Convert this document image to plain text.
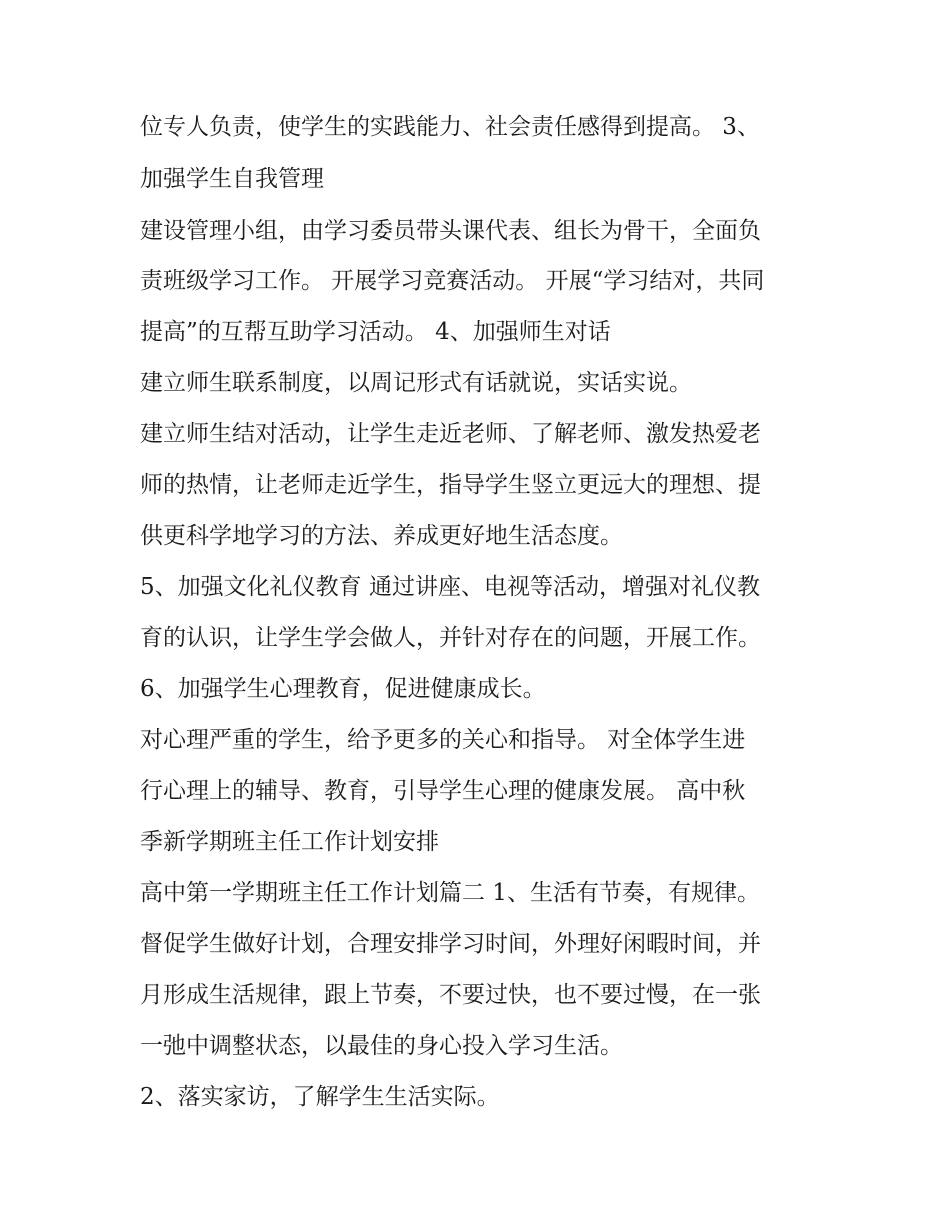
位专人负责，使学生的实践能力、社会责任感得到提高。 3、
加强学生自我管理
建设管理小组，由学习委员带头课代表、组长为骨干，全面负
责班级学习工作。 开展学习竞赛活动。 开展“学习结对，共同
提高”的互帮互助学习活动。 4、加强师生对话
建立师生联系制度，以周记形式有话就说，实话实说。
建立师生结对活动，让学生走近老师、了解老师、激发热爱老
师的热情，让老师走近学生，指导学生竖立更远大的理想、提
供更科学地学习的方法、养成更好地生活态度。
5、加强文化礼仪教育 通过讲座、电视等活动，增强对礼仪教
育的认识，让学生学会做人，并针对存在的问题，开展工作。
6、加强学生心理教育，促进健康成长。
对心理严重的学生，给予更多的关心和指导。 对全体学生进
行心理上的辅导、教育，引导学生心理的健康发展。 高中秋
季新学期班主任工作计划安排
高中第一学期班主任工作计划篇二 1、生活有节奏，有规律。
督促学生做好计划，合理安排学习时间，外理好闲暇时间，并
月形成生活规律，跟上节奏，不要过快，也不要过慢，在一张
一弛中调整状态，以最佳的身心投入学习生活。
2、落实家访，了解学生生活实际。
